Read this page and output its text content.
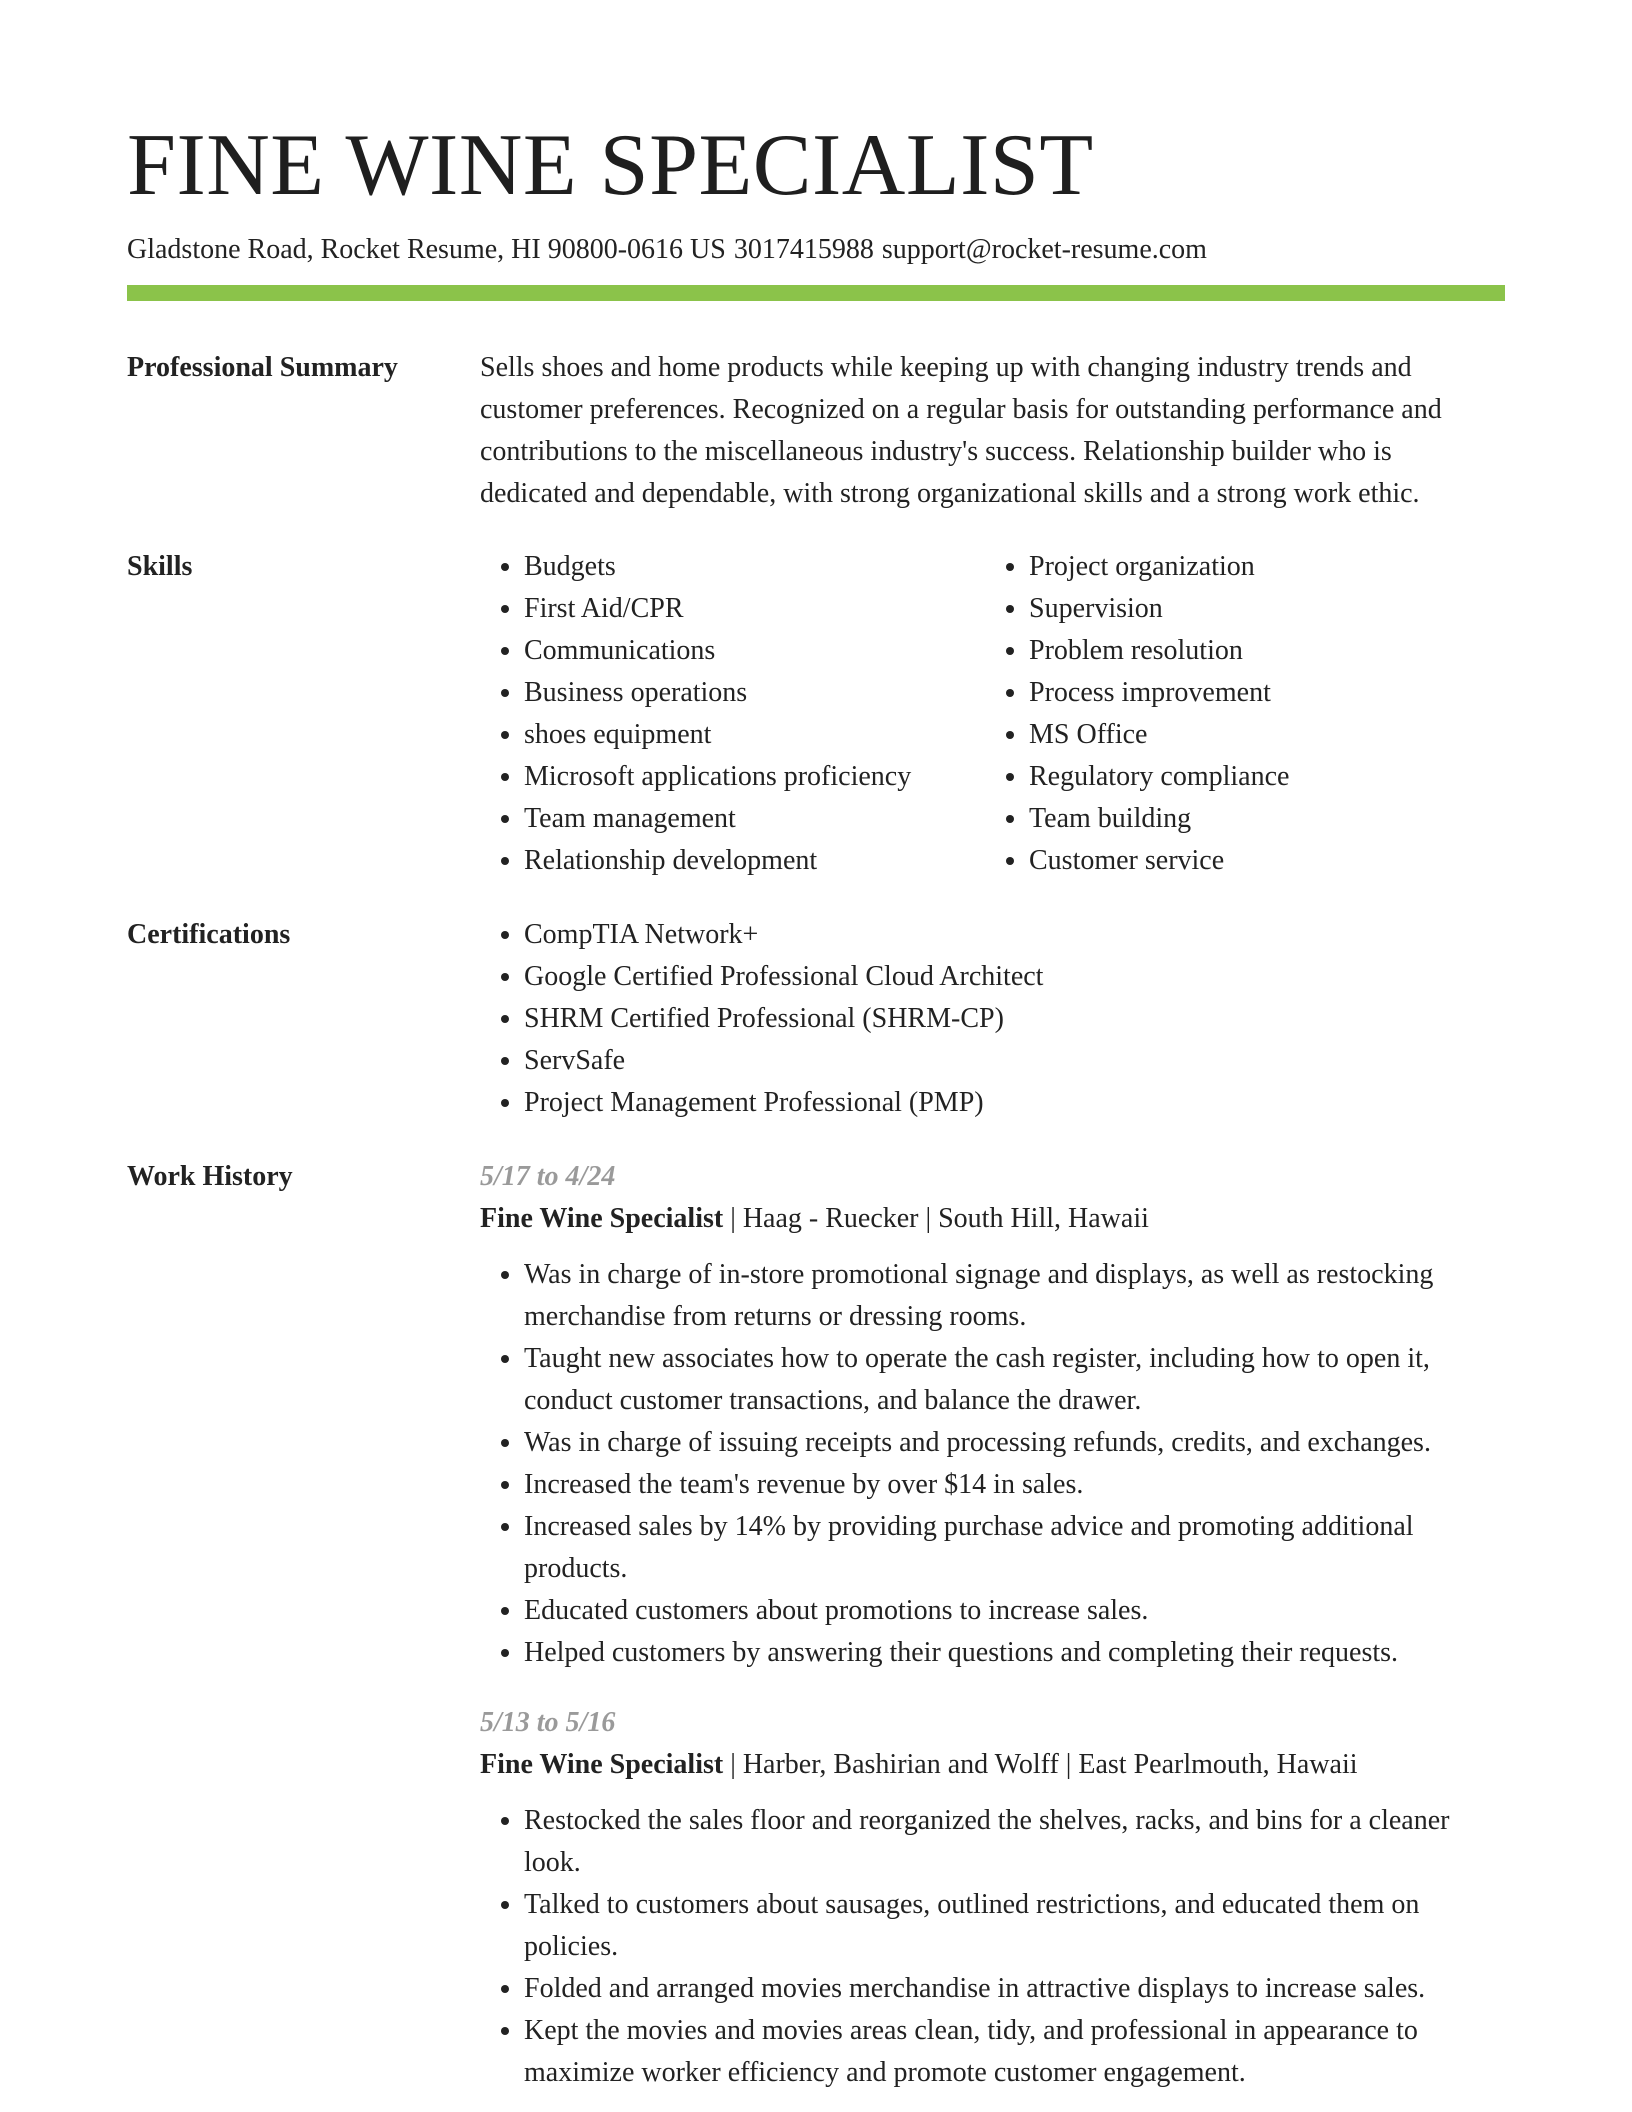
FINE WINE SPECIALIST
Gladstone Road, Rocket Resume, HI 90800-0616 US 3017415988 support@rocket-resume.com
Professional Summary	Sells shoes and home products while keeping up with changing industry trends and customer preferences. Recognized on a regular basis for outstanding performance and contributions to the miscellaneous industry's success. Relationship builder who is dedicated and dependable, with strong organizational skills and a strong work ethic.

Skills	• Budgets
• First Aid/CPR
• Communications
• Business operations
• shoes equipment
• Microsoft applications proficiency
• Team management
• Relationship development
• Project organization
• Supervision
• Problem resolution
• Process improvement
• MS Office
• Regulatory compliance
• Team building
• Customer service
Certifications	• CompTIA Network+
• Google Certified Professional Cloud Architect
• SHRM Certified Professional (SHRM-CP)
• ServSafe
• Project Management Professional (PMP)
Work History	5/17 to 4/24
Fine Wine Specialist | Haag - Ruecker | South Hill, Hawaii
• Was in charge of in-store promotional signage and displays, as well as restocking merchandise from returns or dressing rooms.
• Taught new associates how to operate the cash register, including how to open it, conduct customer transactions, and balance the drawer.
• Was in charge of issuing receipts and processing refunds, credits, and exchanges.
• Increased the team's revenue by over $14 in sales.
• Increased sales by 14% by providing purchase advice and promoting additional products.
• Educated customers about promotions to increase sales.
• Helped customers by answering their questions and completing their requests.
5/13 to 5/16
Fine Wine Specialist | Harber, Bashirian and Wolff | East Pearlmouth, Hawaii
• Restocked the sales floor and reorganized the shelves, racks, and bins for a cleaner look.
• Talked to customers about sausages, outlined restrictions, and educated them on policies.
• Folded and arranged movies merchandise in attractive displays to increase sales.
• Kept the movies and movies areas clean, tidy, and professional in appearance to maximize worker efficiency and promote customer engagement.
